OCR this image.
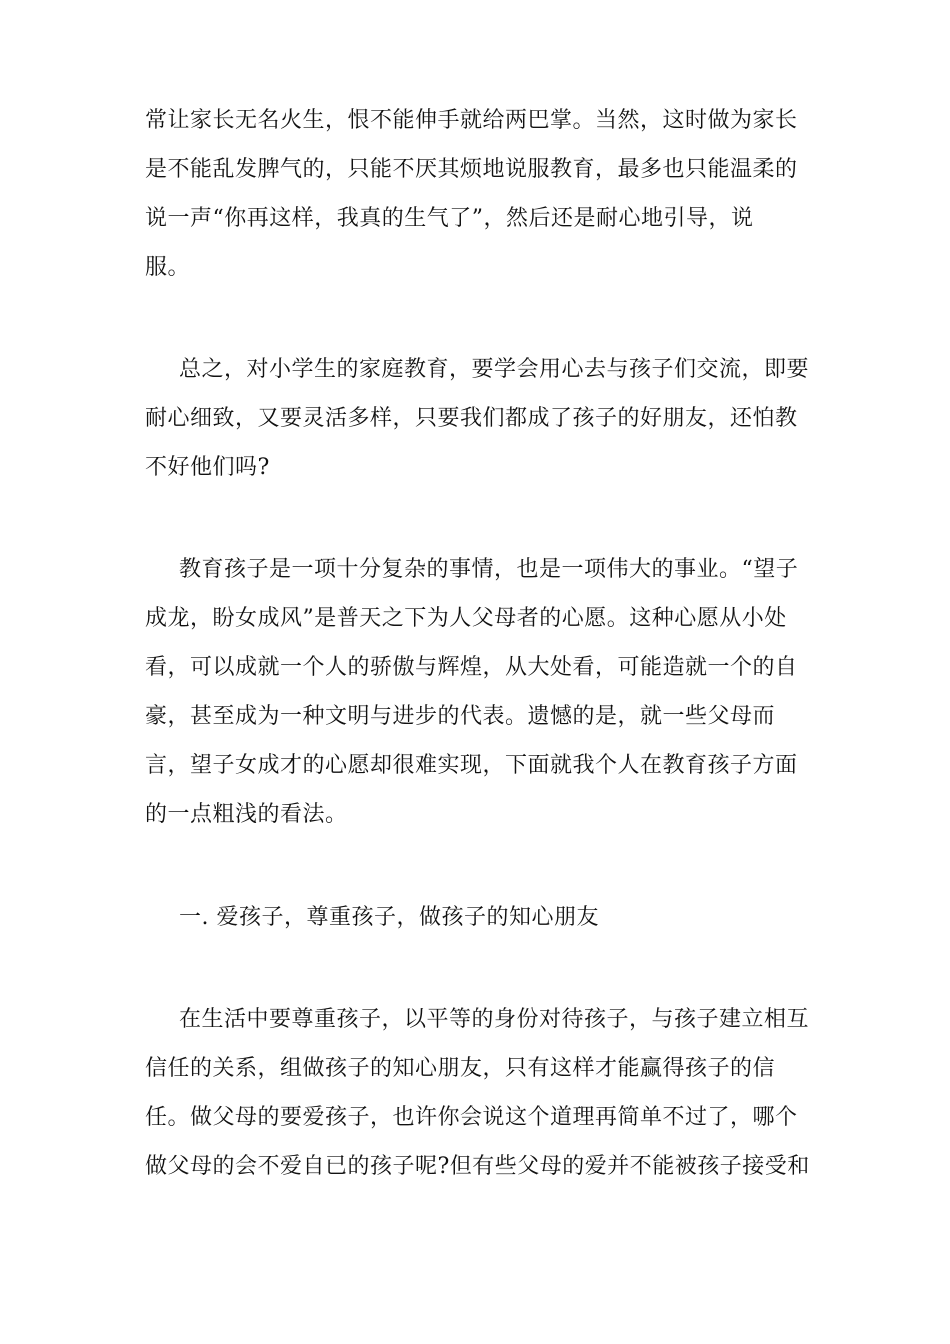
常让家长无名火生，恨不能伸手就给两巴掌。当然，这时做为家长
是不能乱发脾气的，只能不厌其烦地说服教育，最多也只能温柔的
说一声“你再这样，我真的生气了”，然后还是耐心地引导，说
服。
总之，对小学生的家庭教育，要学会用心去与孩子们交流，即要
耐心细致，又要灵活多样，只要我们都成了孩子的好朋友，还怕教
不好他们吗?
教育孩子是一项十分复杂的事情，也是一项伟大的事业。“望子
成龙，盼女成风”是普天之下为人父母者的心愿。这种心愿从小处
看，可以成就一个人的骄傲与辉煌，从大处看，可能造就一个的自
豪，甚至成为一种文明与进步的代表。遗憾的是，就一些父母而
言，望子女成才的心愿却很难实现，下面就我个人在教育孩子方面
的一点粗浅的看法。
一. 爱孩子，尊重孩子，做孩子的知心朋友
在生活中要尊重孩子，以平等的身份对待孩子，与孩子建立相互
信任的关系，组做孩子的知心朋友，只有这样才能赢得孩子的信
任。做父母的要爱孩子，也许你会说这个道理再简单不过了，哪个
做父母的会不爱自已的孩子呢?但有些父母的爱并不能被孩子接受和
